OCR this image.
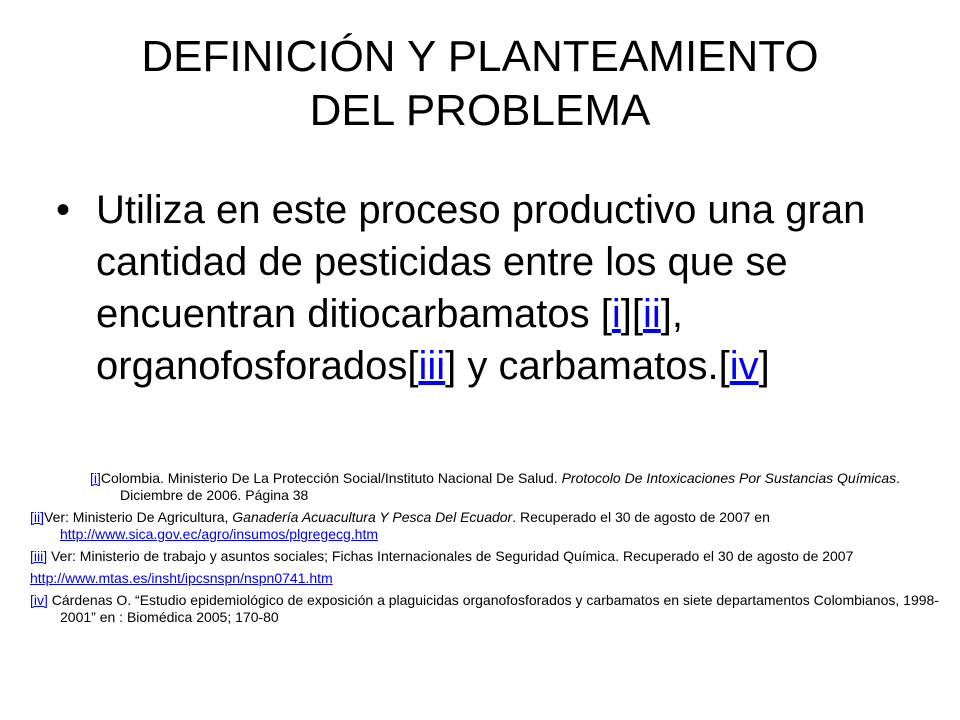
DEFINICIÓN Y PLANTEAMIENTO
DEL PROBLEMA
• Utiliza en este proceso productivo una gran cantidad de pesticidas entre los que se encuentran ditiocarbamatos [i][ii], organofosforados[iii] y carbamatos.[iv]
[i]Colombia. Ministerio De La Protección Social/Instituto Nacional De Salud. Protocolo De Intoxicaciones Por Sustancias Químicas. Diciembre de 2006. Página 38
[ii]Ver: Ministerio De Agricultura, Ganadería Acuacultura Y Pesca Del Ecuador. Recuperado el 30 de agosto de 2007 en
http://www.sica.gov.ec/agro/insumos/plgregecg.htm
[iii] Ver: Ministerio de trabajo y asuntos sociales; Fichas Internacionales de Seguridad Química. Recuperado el 30 de agosto de 2007
http://www.mtas.es/insht/ipcsnspn/nspn0741.htm
[iv] Cárdenas O. “Estudio epidemiológico de exposición a plaguicidas organofosforados y carbamatos en siete departamentos Colombianos, 1998-2001” en : Biomédica 2005; 170-80
